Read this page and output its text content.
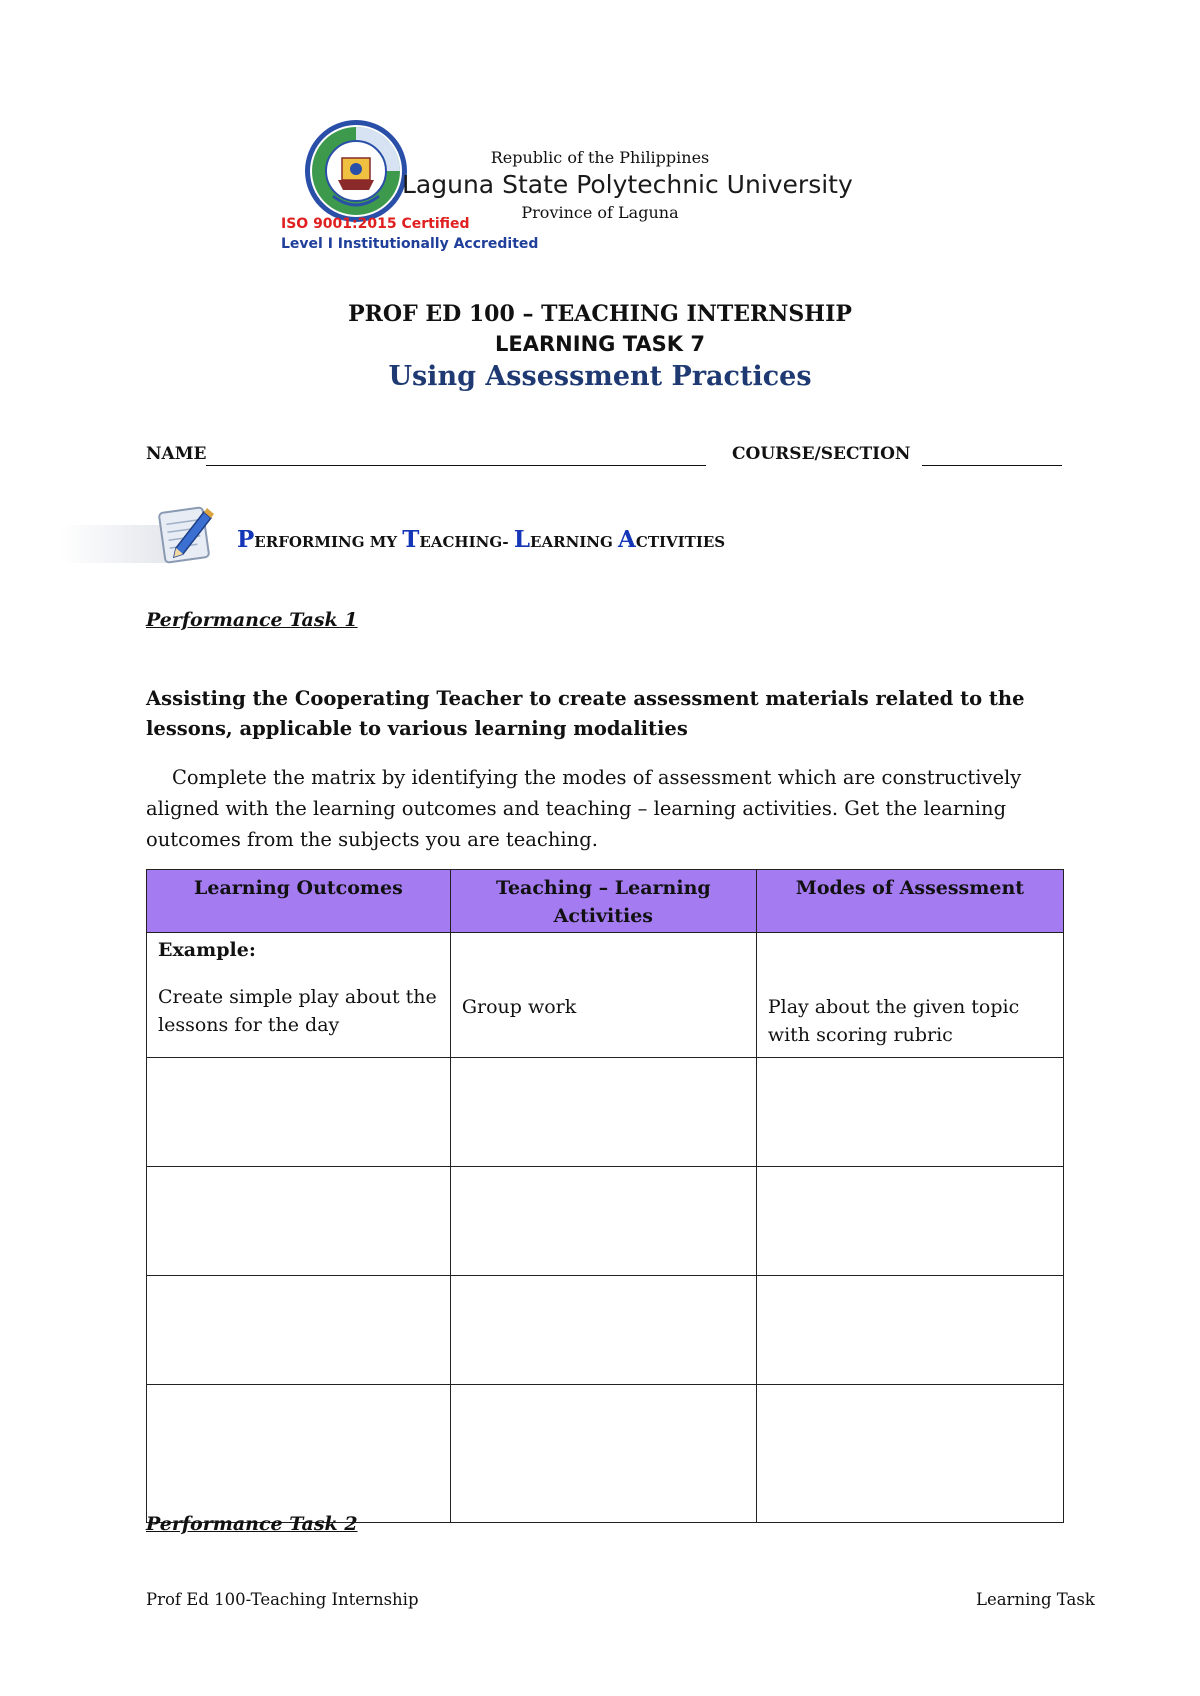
Republic of the Philippines
Laguna State Polytechnic University
Province of Laguna
ISO 9001:2015 Certified
Level I Institutionally Accredited
PROF ED 100 – TEACHING INTERNSHIP
LEARNING TASK 7
Using Assessment Practices
NAME	COURSE/SECTION
PERFORMING MY TEACHING- LEARNING ACTIVITIES
Performance Task 1
Assisting the Cooperating Teacher to create assessment materials related to the lessons, applicable to various learning modalities
Complete the matrix by identifying the modes of assessment which are constructively aligned with the learning outcomes and teaching – learning activities. Get the learning outcomes from the subjects you are teaching.
Learning Outcomes	Teaching – Learning Activities	Modes of Assessment

Example:
Create simple play about the lessons for the day	Group work	Play about the given topic with scoring rubric

Performance Task 2
Prof Ed 100-Teaching Internship	Learning Task
